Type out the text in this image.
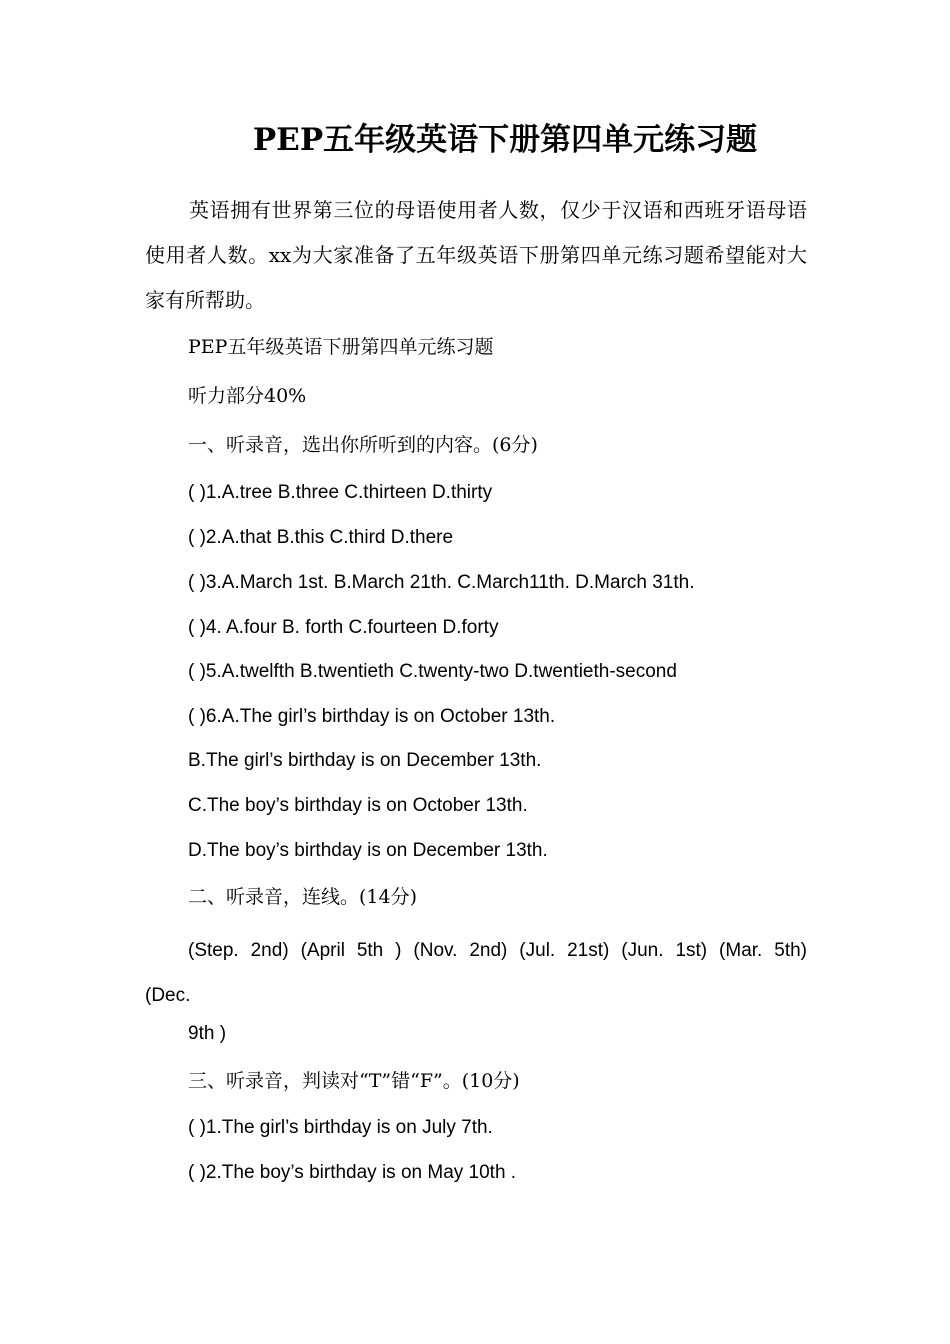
PEP五年级英语下册第四单元练习题

英语拥有世界第三位的母语使用者人数，仅少于汉语和西班牙语母语使用者人数。xx为大家准备了五年级英语下册第四单元练习题希望能对大家有所帮助。

PEP五年级英语下册第四单元练习题

听力部分40%

一、听录音，选出你所听到的内容。(6分)

( )1.A.tree B.three C.thirteen D.thirty

( )2.A.that B.this C.third D.there

( )3.A.March 1st. B.March 21th. C.March11th. D.March 31th.

( )4. A.four B. forth C.fourteen D.forty

( )5.A.twelfth B.twentieth C.twenty-two D.twentieth-second

( )6.A.The girl’s birthday is on October 13th.

B.The girl’s birthday is on December 13th.

C.The boy’s birthday is on October 13th.

D.The boy’s birthday is on December 13th.

二、听录音，连线。(14分)

(Step. 2nd) (April 5th ) (Nov. 2nd) (Jul. 21st) (Jun. 1st) (Mar. 5th) (Dec.

9th )

三、听录音，判读对“T”错“F”。(10分)

( )1.The girl’s birthday is on July 7th.

( )2.The boy’s birthday is on May 10th .
